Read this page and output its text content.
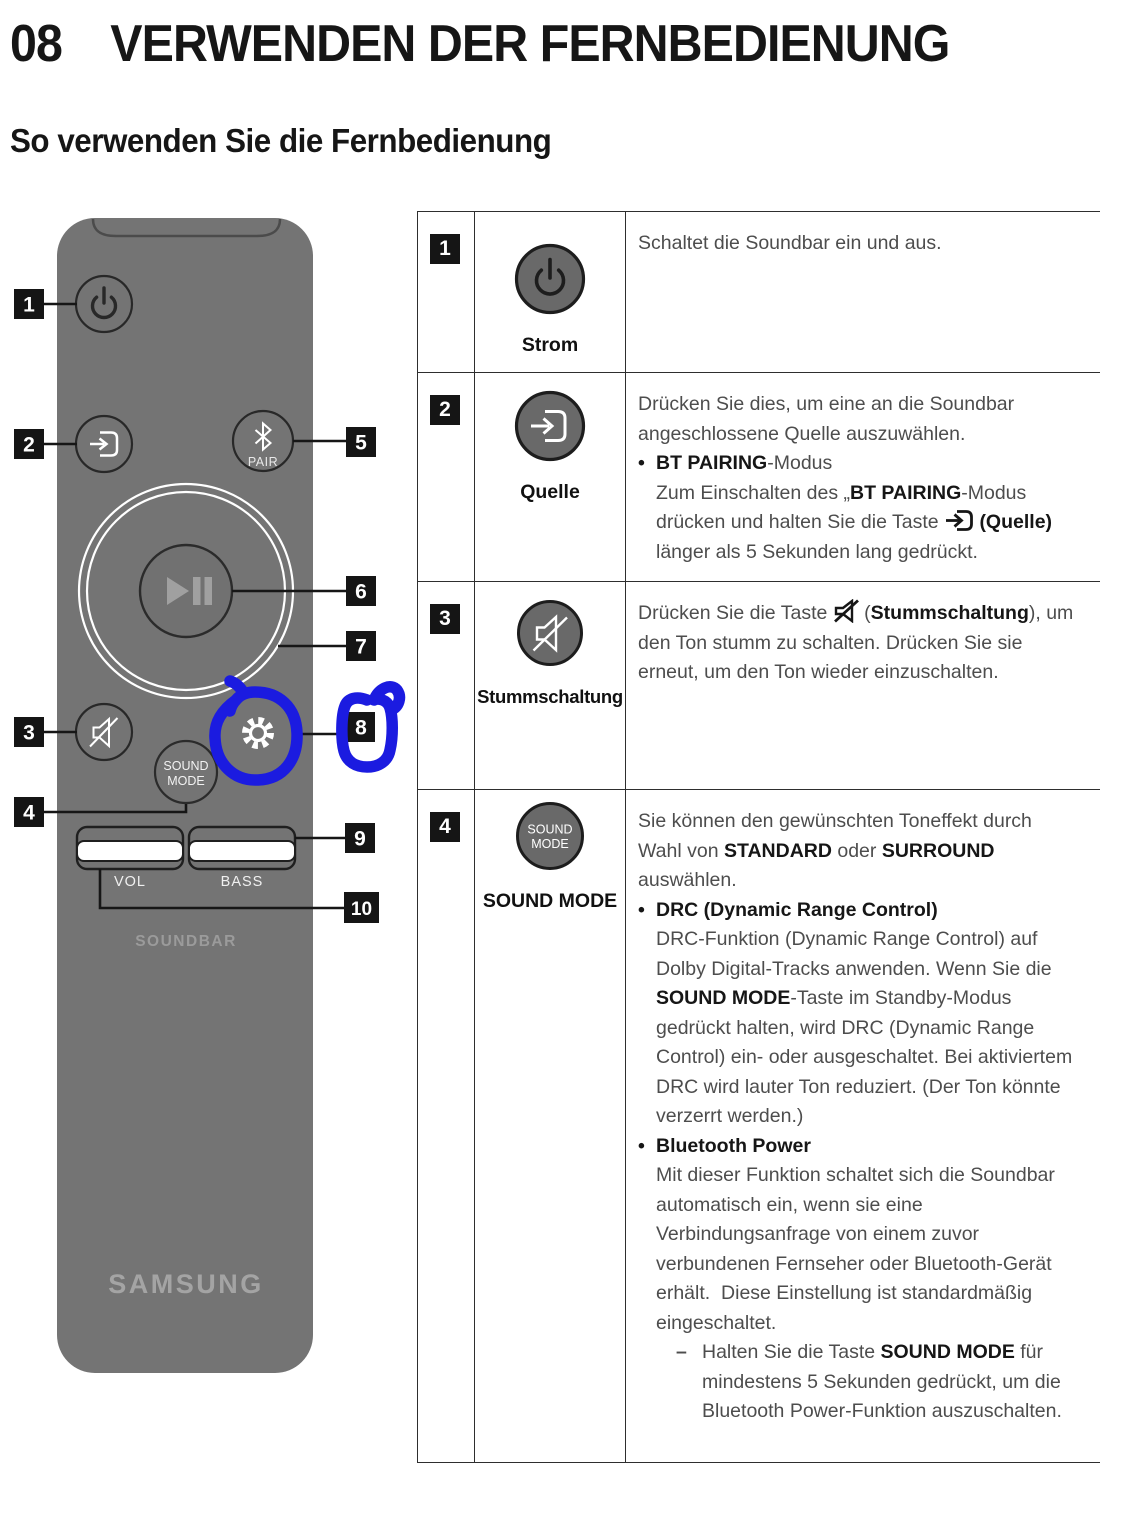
08 VERWENDEN DER FERNBEDIENUNG
So verwenden Sie die Fernbedienung
PAIR
SOUND
MODE
VOL	BASS
SOUNDBAR
SAMSUNG
1
2
3
4
5
6
7
8
9
10
1
Strom
Schaltet die Soundbar ein und aus.
2
Quelle
Drücken Sie dies, um eine an die Soundbar angeschlossene Quelle auszuwählen.
• BT PAIRING-Modus
Zum Einschalten des „BT PAIRING-Modus drücken und halten Sie die Taste  (Quelle) länger als 5 Sekunden lang gedrückt.
3
Stummschaltung
Drücken Sie die Taste  (Stummschaltung), um den Ton stumm zu schalten. Drücken Sie sie erneut, um den Ton wieder einzuschalten.
4	SOUND
MODE
SOUND MODE
Sie können den gewünschten Toneffekt durch Wahl von STANDARD oder SURROUND auswählen.
• DRC (Dynamic Range Control)
DRC-Funktion (Dynamic Range Control) auf Dolby Digital-Tracks anwenden. Wenn Sie die SOUND MODE-Taste im Standby-Modus gedrückt halten, wird DRC (Dynamic Range Control) ein- oder ausgeschaltet. Bei aktiviertem DRC wird lauter Ton reduziert. (Der Ton könnte verzerrt werden.)
• Bluetooth Power
Mit dieser Funktion schaltet sich die Soundbar automatisch ein, wenn sie eine Verbindungsanfrage von einem zuvor verbundenen Fernseher oder Bluetooth-Gerät erhält.  Diese Einstellung ist standardmäßig eingeschaltet.
– Halten Sie die Taste SOUND MODE für mindestens 5 Sekunden gedrückt, um die Bluetooth Power-Funktion auszuschalten.
